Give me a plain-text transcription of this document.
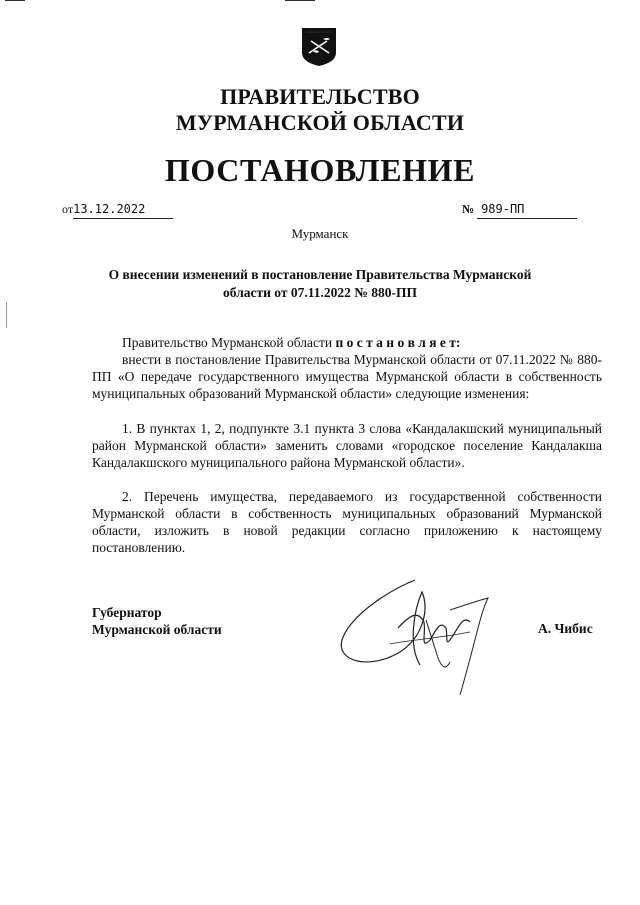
ПРАВИТЕЛЬСТВО
МУРМАНСКОЙ ОБЛАСТИ
ПОСТАНОВЛЕНИЕ
от13.12.2022	№ 989-ПП
Мурманск
О внесении изменений в постановление Правительства Мурманской
области от 07.11.2022 № 880-ПП
Правительство Мурманской области п о с т а н о в л я е т:
внести в постановление Правительства Мурманской области от 07.11.2022 № 880-ПП «О передаче государственного имущества Мурманской области в собственность муниципальных образований Мурманской области» следующие изменения:
1. В пунктах 1, 2, подпункте 3.1 пункта 3 слова «Кандалакшский муниципальный район Мурманской области» заменить словами «городское поселение Кандалакша Кандалакшского муниципального района Мурманской области».
2. Перечень имущества, передаваемого из государственной собственности Мурманской области в собственность муниципальных образований Мурманской области, изложить в новой редакции согласно приложению к настоящему постановлению.
Губернатор
Мурманской области	А. Чибис
